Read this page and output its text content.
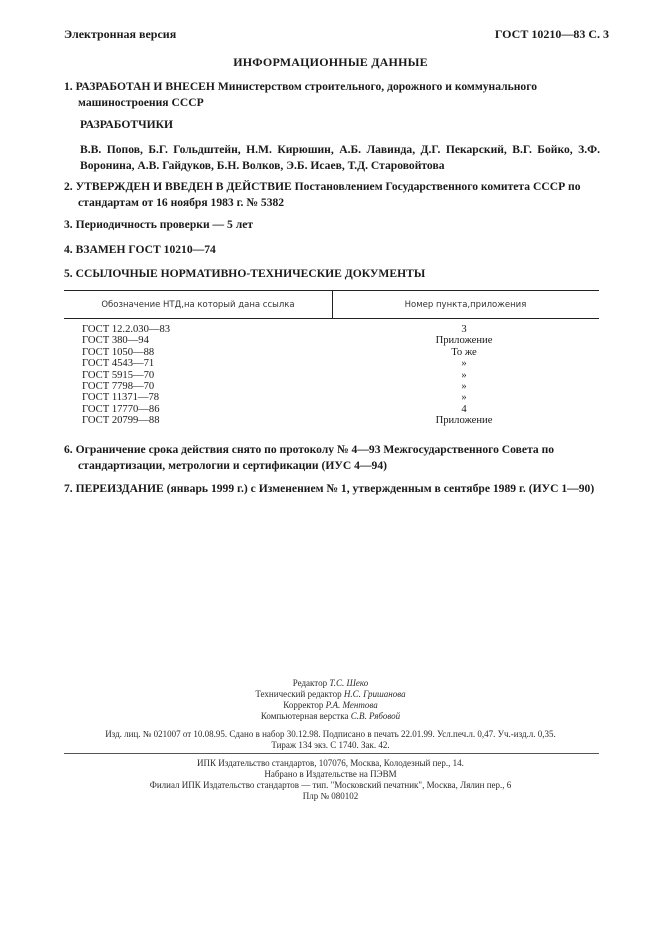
Электронная версия	ГОСТ 10210—83 С. 3
ИНФОРМАЦИОННЫЕ ДАННЫЕ
1. РАЗРАБОТАН И ВНЕСЕН Министерством строительного, дорожного и коммунального машиностроения СССР
РАЗРАБОТЧИКИ
В.В. Попов, Б.Г. Гольдштейн, Н.М. Кирюшин, А.Б. Лавинда, Д.Г. Пекарский, В.Г. Бойко, З.Ф. Воронина, А.В. Гайдуков, Б.Н. Волков, Э.Б. Исаев, Т.Д. Старовойтова
2. УТВЕРЖДЕН И ВВЕДЕН В ДЕЙСТВИЕ Постановлением Государственного комитета СССР по стандартам от 16 ноября 1983 г. № 5382
3. Периодичность проверки — 5 лет
4. ВЗАМЕН ГОСТ 10210—74
5. ССЫЛОЧНЫЕ НОРМАТИВНО-ТЕХНИЧЕСКИЕ ДОКУМЕНТЫ
Обозначение НТД,на который дана ссылка	Номер пункта,приложения
ГОСТ 12.2.030—83	3
ГОСТ 380—94	Приложение
ГОСТ 1050—88	То же
ГОСТ 4543—71	»
ГОСТ 5915—70	»
ГОСТ 7798—70	»
ГОСТ 11371—78	»
ГОСТ 17770—86	4
ГОСТ 20799—88	Приложение
6. Ограничение срока действия снято по протоколу № 4—93 Межгосударственного Совета по стандартизации, метрологии и сертификации (ИУС 4—94)
7. ПЕРЕИЗДАНИЕ (январь 1999 г.) с Изменением № 1, утвержденным в сентябре 1989 г. (ИУС 1—90)
Редактор Т.С. Шеко
Технический редактор Н.С. Гришанова
Корректор Р.А. Ментова
Компьютерная верстка С.В. Рябовой
Изд. лиц. № 021007 от 10.08.95. Сдано в набор 30.12.98. Подписано в печать 22.01.99. Усл.печ.л. 0,47. Уч.-изд.л. 0,35.
Тираж 134 экз. С 1740. Зак. 42.
ИПК Издательство стандартов, 107076, Москва, Колодезный пер., 14.
Набрано в Издательстве на ПЭВМ
Филиал ИПК Издательство стандартов — тип. "Московский печатник", Москва, Лялин пер., 6
Плр № 080102
